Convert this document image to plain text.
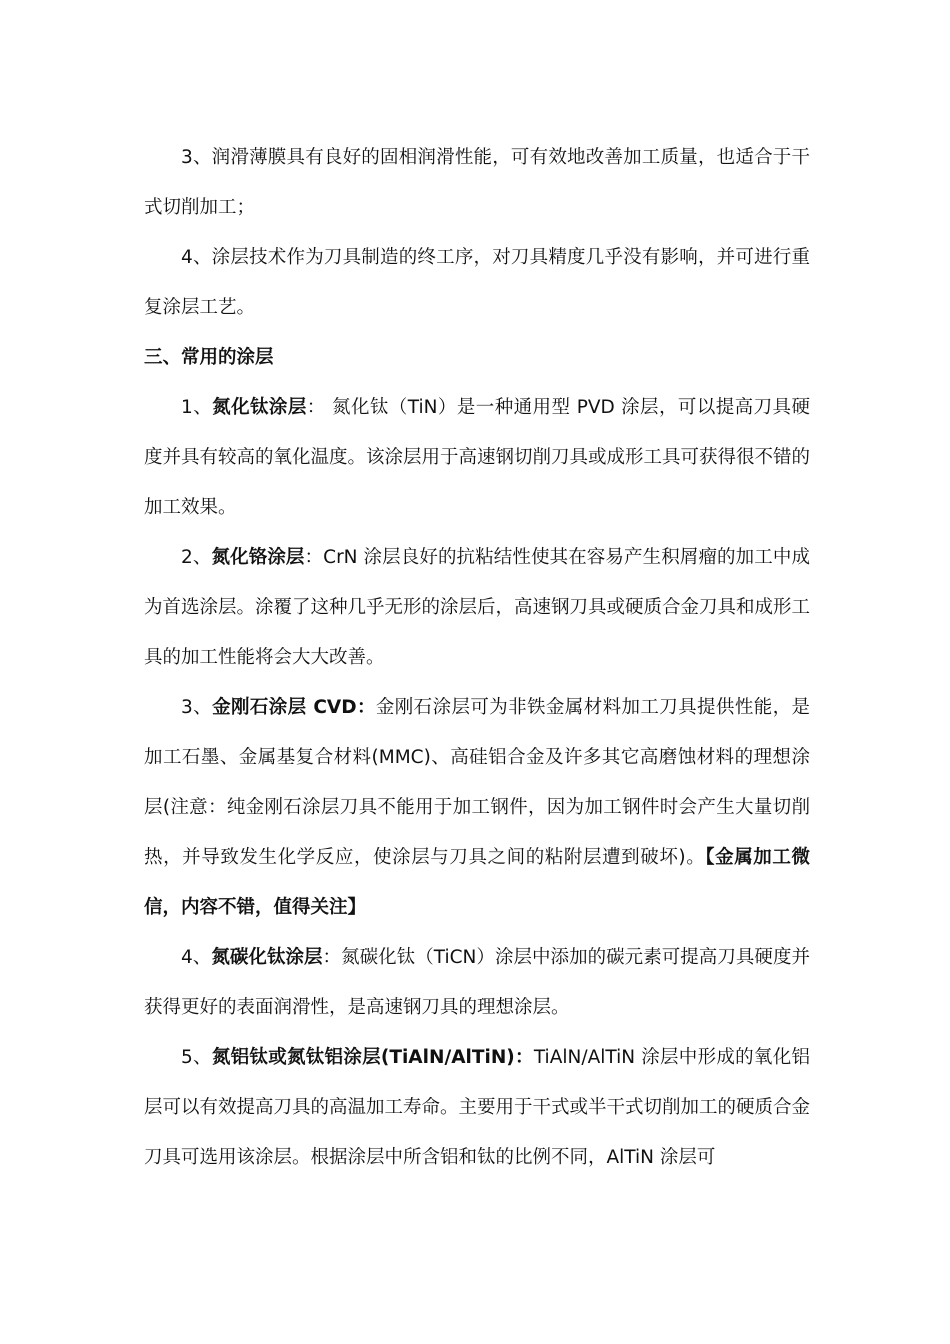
3、润滑薄膜具有良好的固相润滑性能，可有效地改善加工质量，也适合于干式切削加工；

4、涂层技术作为刀具制造的终工序，对刀具精度几乎没有影响，并可进行重复涂层工艺。

三、常用的涂层

1、氮化钛涂层： 氮化钛（TiN）是一种通用型 PVD 涂层，可以提高刀具硬度并具有较高的氧化温度。该涂层用于高速钢切削刀具或成形工具可获得很不错的加工效果。

2、氮化铬涂层：CrN 涂层良好的抗粘结性使其在容易产生积屑瘤的加工中成为首选涂层。涂覆了这种几乎无形的涂层后，高速钢刀具或硬质合金刀具和成形工具的加工性能将会大大改善。

3、金刚石涂层 CVD：金刚石涂层可为非铁金属材料加工刀具提供性能，是加工石墨、金属基复合材料(MMC)、高硅铝合金及许多其它高磨蚀材料的理想涂层(注意：纯金刚石涂层刀具不能用于加工钢件，因为加工钢件时会产生大量切削热，并导致发生化学反应，使涂层与刀具之间的粘附层遭到破坏)。【金属加工微信，内容不错，值得关注】

4、氮碳化钛涂层：氮碳化钛（TiCN）涂层中添加的碳元素可提高刀具硬度并获得更好的表面润滑性，是高速钢刀具的理想涂层。

5、氮铝钛或氮钛铝涂层(TiAlN/AlTiN)：TiAlN/AlTiN 涂层中形成的氧化铝层可以有效提高刀具的高温加工寿命。主要用于干式或半干式切削加工的硬质合金刀具可选用该涂层。根据涂层中所含铝和钛的比例不同，AlTiN 涂层可
